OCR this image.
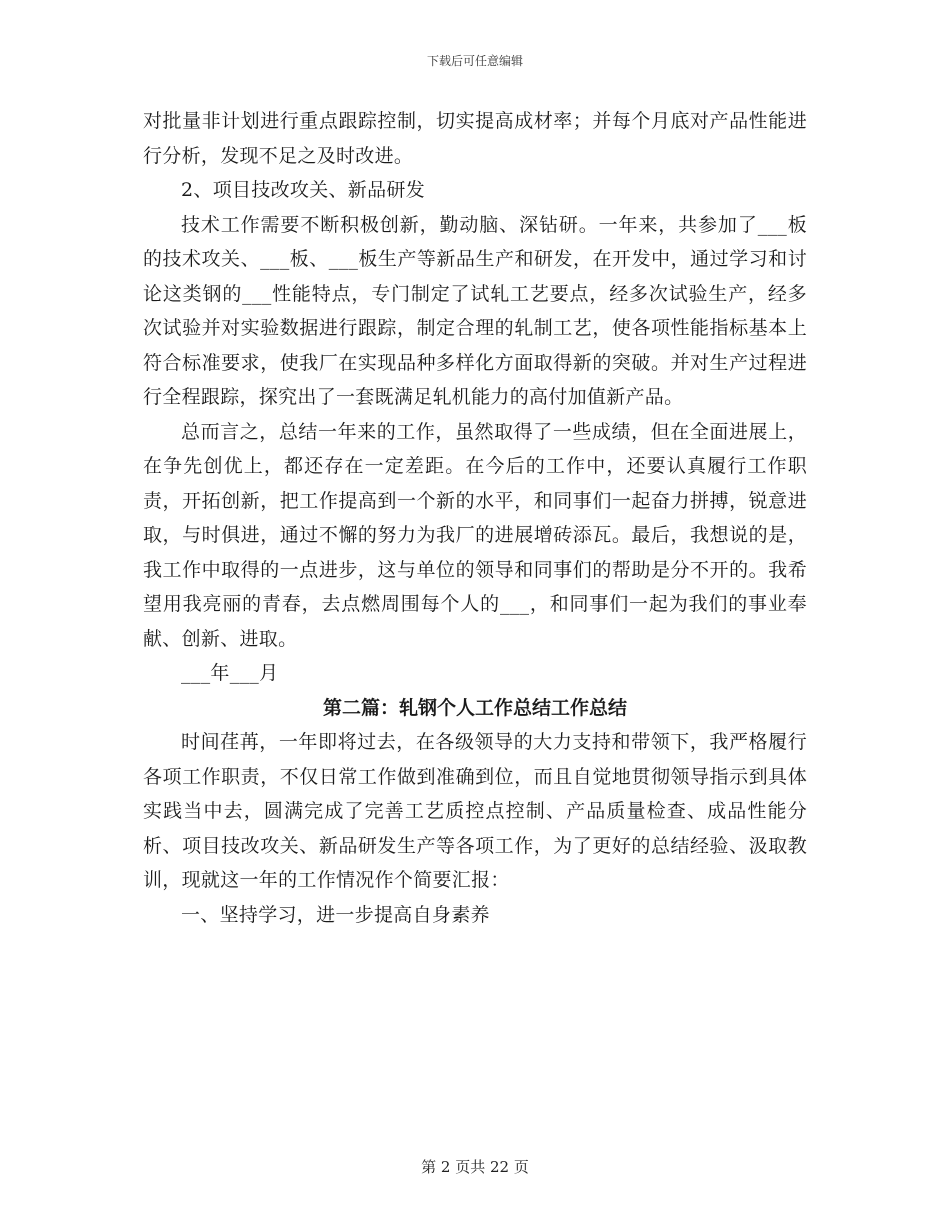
下载后可任意编辑

对批量非计划进行重点跟踪控制，切实提高成材率；并每个月底对产品性能进行分析，发现不足之及时改进。

2、项目技改攻关、新品研发

技术工作需要不断积极创新，勤动脑、深钻研。一年来，共参加了___板的技术攻关、___板、___板生产等新品生产和研发，在开发中，通过学习和讨论这类钢的___性能特点，专门制定了试轧工艺要点，经多次试验生产，经多次试验并对实验数据进行跟踪，制定合理的轧制工艺，使各项性能指标基本上符合标准要求，使我厂在实现品种多样化方面取得新的突破。并对生产过程进行全程跟踪，探究出了一套既满足轧机能力的高付加值新产品。

总而言之，总结一年来的工作，虽然取得了一些成绩，但在全面进展上，在争先创优上，都还存在一定差距。在今后的工作中，还要认真履行工作职责，开拓创新，把工作提高到一个新的水平，和同事们一起奋力拼搏，锐意进取，与时俱进，通过不懈的努力为我厂的进展增砖添瓦。最后，我想说的是，我工作中取得的一点进步，这与单位的领导和同事们的帮助是分不开的。我希望用我亮丽的青春，去点燃周围每个人的___，和同事们一起为我们的事业奉献、创新、进取。

___年___月

第二篇：轧钢个人工作总结工作总结

时间荏苒，一年即将过去，在各级领导的大力支持和带领下，我严格履行各项工作职责，不仅日常工作做到准确到位，而且自觉地贯彻领导指示到具体实践当中去，圆满完成了完善工艺质控点控制、产品质量检查、成品性能分析、项目技改攻关、新品研发生产等各项工作，为了更好的总结经验、汲取教训，现就这一年的工作情况作个简要汇报：

一、坚持学习，进一步提高自身素养

第 2 页共 22 页
